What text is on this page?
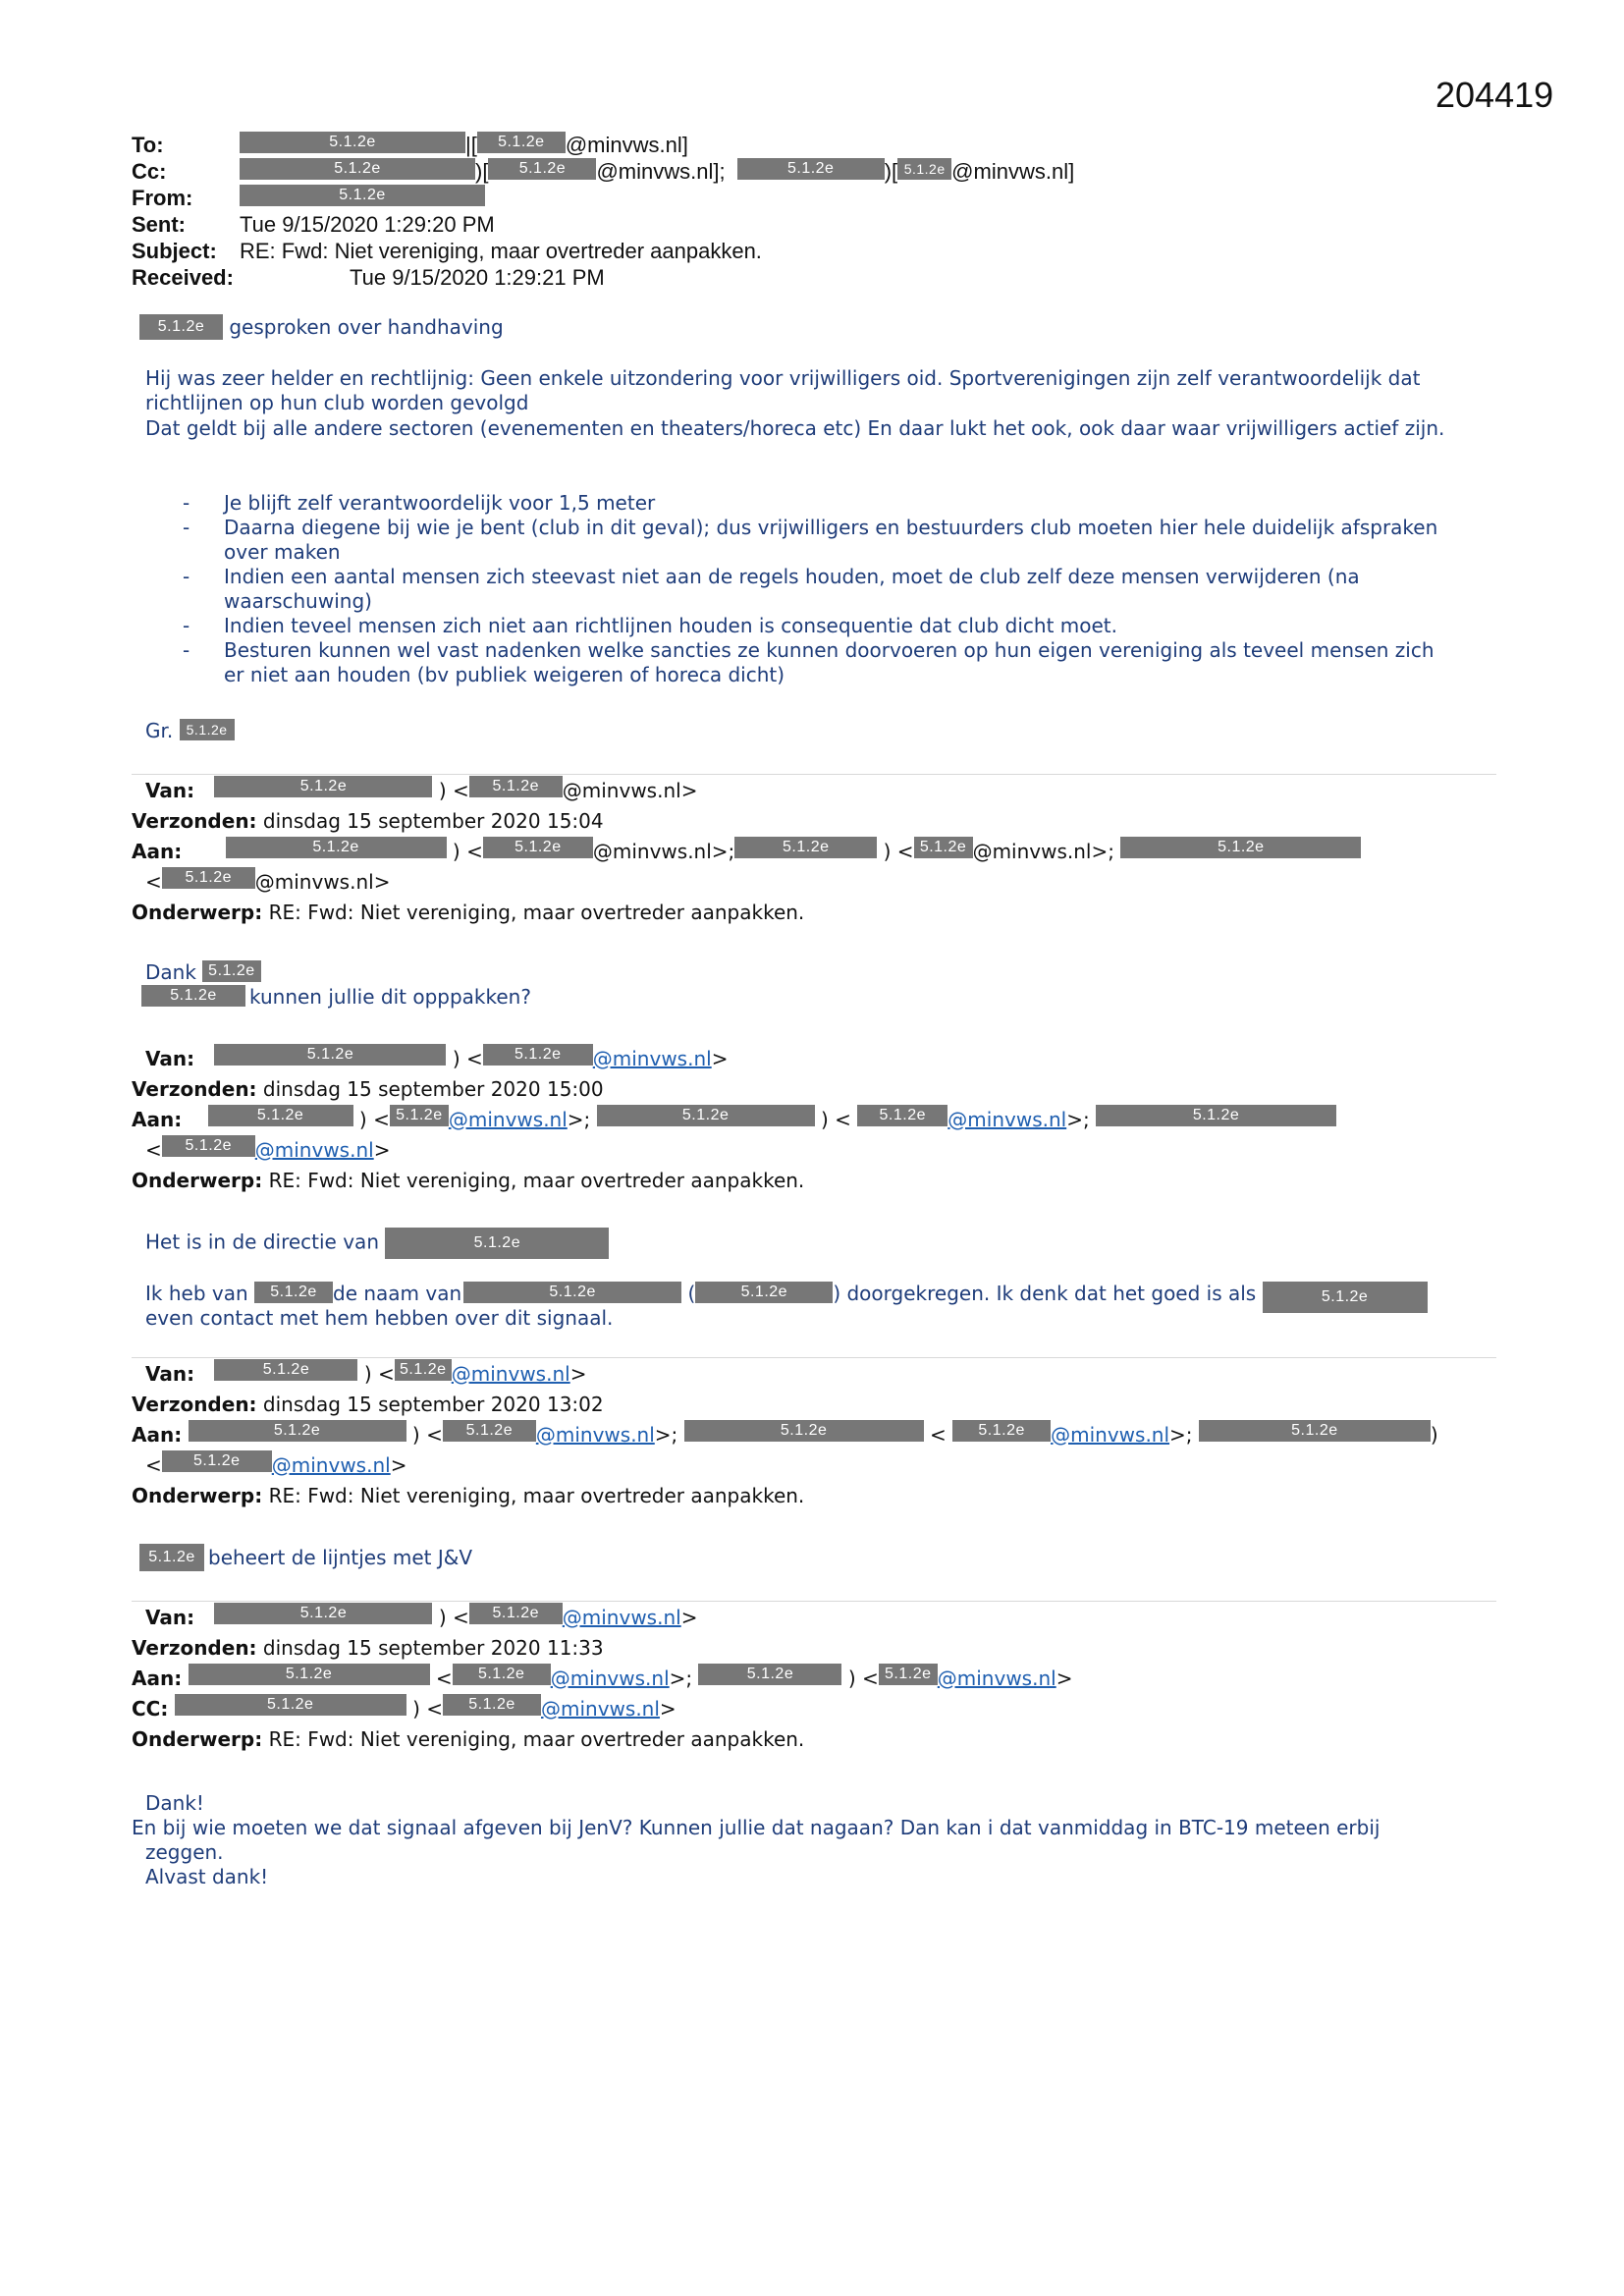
204419
To:	5.1.2e	|[ 5.1.2e @minvws.nl]
Cc:	5.1.2e	)[ 5.1.2e @minvws.nl];	5.1.2e )[ 5.1.2e @minvws.nl]
From:	5.1.2e
Sent:	Tue 9/15/2020 1:29:20 PM
Subject: RE: Fwd: Niet vereniging, maar overtreder aanpakken.
Received:	Tue 9/15/2020 1:29:21 PM
5.1.2e gesproken over handhaving
Hij was zeer helder en rechtlijnig: Geen enkele uitzondering voor vrijwilligers oid. Sportverenigingen zijn zelf verantwoordelijk dat richtlijnen op hun club worden gevolgd
Dat geldt bij alle andere sectoren (evenementen en theaters/horeca etc) En daar lukt het ook, ook daar waar vrijwilligers actief zijn.
- Je blijft zelf verantwoordelijk voor 1,5 meter
- Daarna diegene bij wie je bent (club in dit geval); dus vrijwilligers en bestuurders club moeten hier hele duidelijk afspraken over maken
- Indien een aantal mensen zich steevast niet aan de regels houden, moet de club zelf deze mensen verwijderen (na waarschuwing)
- Indien teveel mensen zich niet aan richtlijnen houden is consequentie dat club dicht moet.
- Besturen kunnen wel vast nadenken welke sancties ze kunnen doorvoeren op hun eigen vereniging als teveel mensen zich er niet aan houden (bv publiek weigeren of horeca dicht)
Gr. 5.1.2e
Van:	5.1.2e	) < 5.1.2e @minvws.nl>
Verzonden: dinsdag 15 september 2020 15:04
Aan:	5.1.2e	) < 5.1.2e @minvws.nl>;	5.1.2e ) < 5.1.2e @minvws.nl>;	5.1.2e
< 5.1.2e @minvws.nl>
Onderwerp: RE: Fwd: Niet vereniging, maar overtreder aanpakken.
Dank 5.1.2e
5.1.2e kunnen jullie dit opppakken?
Van:	5.1.2e	) < 5.1.2e @minvws.nl>
Verzonden: dinsdag 15 september 2020 15:00
Aan:	5.1.2e	) < 5.1.2e @minvws.nl>;	5.1.2e	) < 5.1.2e @minvws.nl>;	5.1.2e
< 5.1.2e @minvws.nl>
Onderwerp: RE: Fwd: Niet vereniging, maar overtreder aanpakken.
Het is in de directie van	5.1.2e
Ik heb van 5.1.2e de naam van	5.1.2e	(	5.1.2e ) doorgekregen. Ik denk dat het goed is als	5.1.2e
even contact met hem hebben over dit signaal.
Van:	5.1.2e ) < 5.1.2e @minvws.nl>
Verzonden: dinsdag 15 september 2020 13:02
Aan:	5.1.2e	) < 5.1.2e @minvws.nl>;	5.1.2e	< 5.1.2e @minvws.nl>;	5.1.2e	)
< 5.1.2e @minvws.nl>
Onderwerp: RE: Fwd: Niet vereniging, maar overtreder aanpakken.
5.1.2e beheert de lijntjes met J&V
Van:	5.1.2e	) < 5.1.2e @minvws.nl>
Verzonden: dinsdag 15 september 2020 11:33
Aan:	5.1.2e	< 5.1.2e @minvws.nl>;	5.1.2e ) < 5.1.2e @minvws.nl>
CC:	5.1.2e	) < 5.1.2e @minvws.nl>
Onderwerp: RE: Fwd: Niet vereniging, maar overtreder aanpakken.
Dank!
En bij wie moeten we dat signaal afgeven bij JenV? Kunnen jullie dat nagaan? Dan kan i dat vanmiddag in BTC-19 meteen erbij
zeggen.
Alvast dank!
